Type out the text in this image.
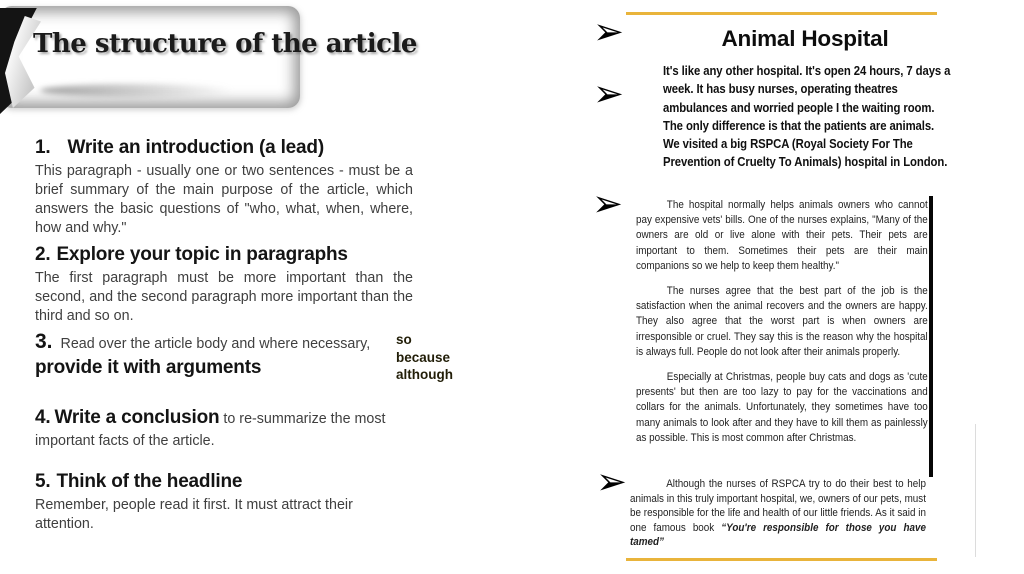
The structure of the article
1. Write an introduction (a lead)
This paragraph - usually one or two sentences - must be a brief summary of the main purpose of the article, which answers the basic questions of "who, what, when, where, how and why."
2. Explore your topic in paragraphs
The first paragraph must be more important than the second, and the second paragraph more important than the third and so on.
3. Read over the article body and where necessary,
provide it with arguments
so
because
although
4. Write a conclusion to re-summarize the most important facts of the article.
5. Think of the headline
Remember, people read it first. It must attract their attention.
➢
➢
➢
➢
Animal Hospital
It's like any other hospital. It's open 24 hours, 7 days a week. It has busy nurses, operating theatres ambulances and worried people I the waiting room. The only difference is that the patients are animals. We visited a big RSPCA (Royal Society For The Prevention of Cruelty To Animals) hospital in London.

The hospital normally helps animals owners who cannot pay expensive vets' bills. One of the nurses explains, "Many of the owners are old or live alone with their pets. Their pets are important to them. Sometimes their pets are their main companions so we help to keep them healthy."

The nurses agree that the best part of the job is the satisfaction when the animal recovers and the owners are happy. They also agree that the worst part is when owners are irresponsible or cruel. They say this is the reason why the hospital is always full. People do not look after their animals properly.

Especially at Christmas, people buy cats and dogs as 'cute presents' but then are too lazy to pay for the vaccinations and collars for the animals. Unfortunately, they sometimes have too many animals to look after and they have to kill them as painlessly as possible. This is most common after Christmas.

Although the nurses of RSPCA try to do their best to help animals in this truly important hospital, we, owners of our pets, must be responsible for the life and health of our little friends. As it said in one famous book “You're responsible for those you have tamed”
